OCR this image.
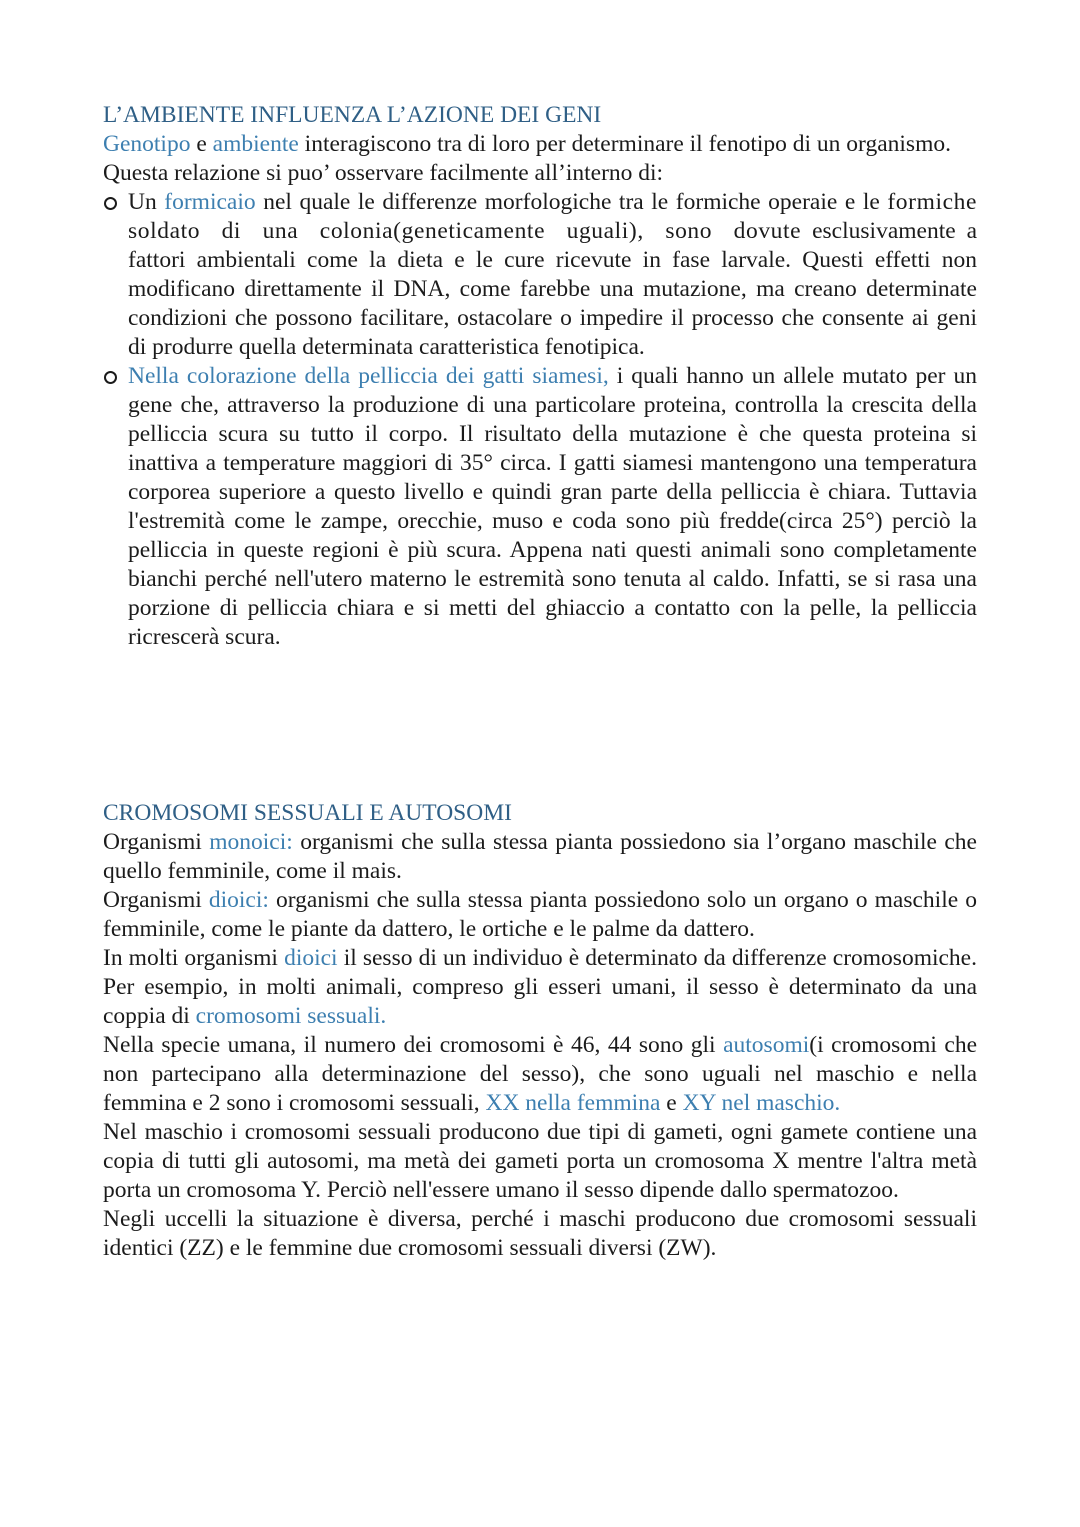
L’AMBIENTE INFLUENZA L’AZIONE DEI GENI
Genotipo e ambiente interagiscono tra di loro per determinare il fenotipo di un organismo.
Questa relazione si puo’ osservare facilmente all’interno di:
Un formicaio nel quale le differenze morfologiche tra le formiche operaie e le formiche soldato di una colonia(geneticamente uguali), sono dovute esclusivamente a fattori ambientali come la dieta e le cure ricevute in fase larvale. Questi effetti non modificano direttamente il DNA, come farebbe una mutazione, ma creano determinate condizioni che possono facilitare, ostacolare o impedire il processo che consente ai geni di produrre quella determinata caratteristica fenotipica.
Nella colorazione della pelliccia dei gatti siamesi, i quali hanno un allele mutato per un gene che, attraverso la produzione di una particolare proteina, controlla la crescita della pelliccia scura su tutto il corpo. Il risultato della mutazione è che questa proteina si inattiva a temperature maggiori di 35° circa. I gatti siamesi mantengono una temperatura corporea superiore a questo livello e quindi gran parte della pelliccia è chiara. Tuttavia l'estremità come le zampe, orecchie, muso e coda sono più fredde(circa 25°) perciò la pelliccia in queste regioni è più scura. Appena nati questi animali sono completamente bianchi perché nell'utero materno le estremità sono tenuta al caldo. Infatti, se si rasa una porzione di pelliccia chiara e si metti del ghiaccio a contatto con la pelle, la pelliccia ricrescerà scura.
CROMOSOMI SESSUALI E AUTOSOMI
Organismi monoici: organismi che sulla stessa pianta possiedono sia l’organo maschile che quello femminile, come il mais.
Organismi dioici: organismi che sulla stessa pianta possiedono solo un organo o maschile o femminile, come le piante da dattero, le ortiche e le palme da dattero.
In molti organismi dioici il sesso di un individuo è determinato da differenze cromosomiche. Per esempio, in molti animali, compreso gli esseri umani, il sesso è determinato da una coppia di cromosomi sessuali.
Nella specie umana, il numero dei cromosomi è 46, 44 sono gli autosomi(i cromosomi che non partecipano alla determinazione del sesso), che sono uguali nel maschio e nella femmina e 2 sono i cromosomi sessuali, XX nella femmina e XY nel maschio.
Nel maschio i cromosomi sessuali producono due tipi di gameti, ogni gamete contiene una copia di tutti gli autosomi, ma metà dei gameti porta un cromosoma X mentre l'altra metà porta un cromosoma Y. Perciò nell'essere umano il sesso dipende dallo spermatozoo.
Negli uccelli la situazione è diversa, perché i maschi producono due cromosomi sessuali identici (ZZ) e le femmine due cromosomi sessuali diversi (ZW).
